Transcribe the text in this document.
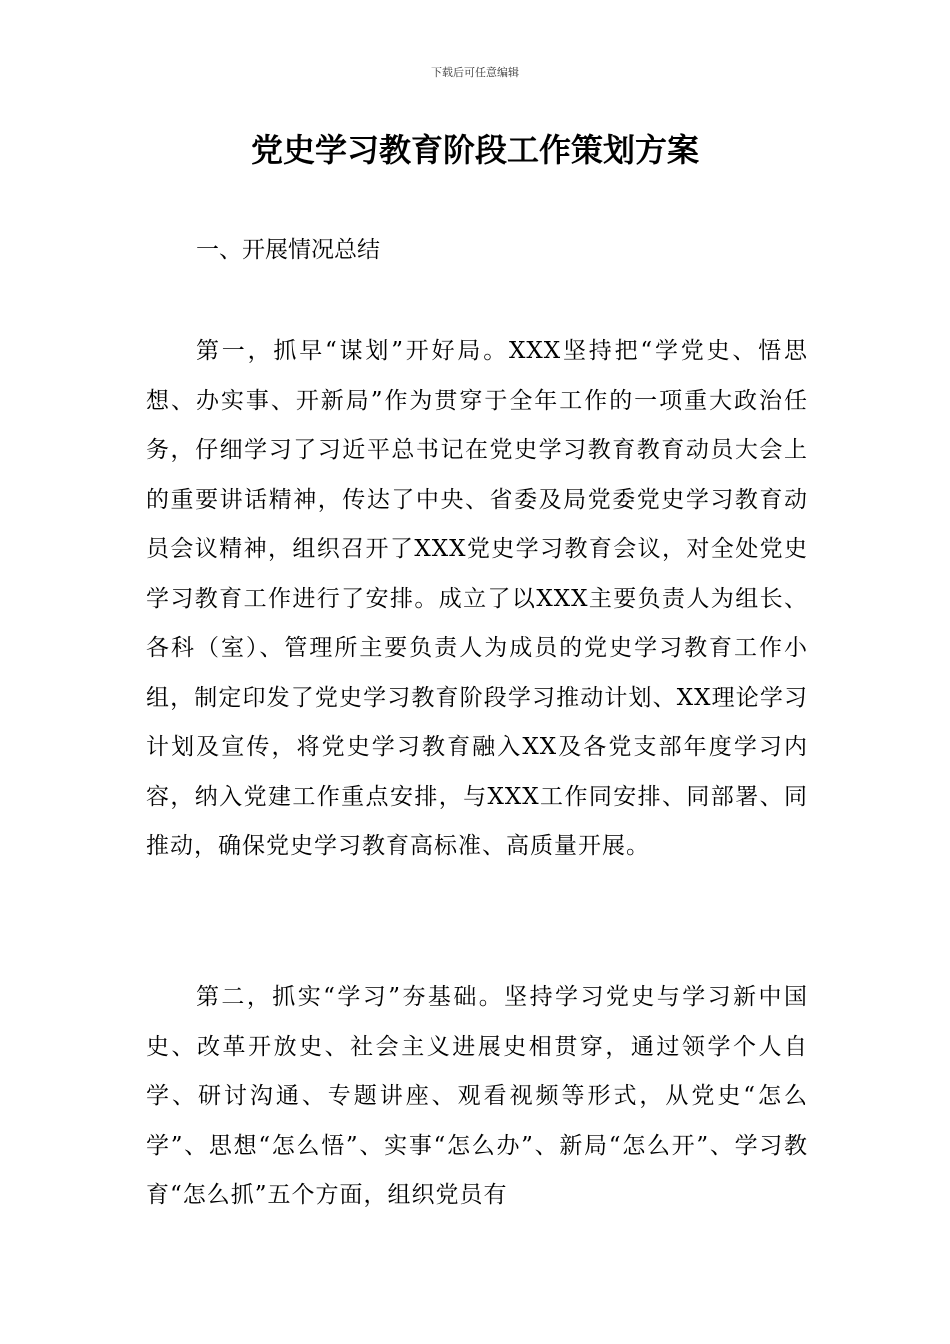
下载后可任意编辑
党史学习教育阶段工作策划方案

一、开展情况总结

第一，抓早“谋划”开好局。XXX坚持把“学党史、悟思想、办实事、开新局”作为贯穿于全年工作的一项重大政治任务，仔细学习了习近平总书记在党史学习教育教育动员大会上的重要讲话精神，传达了中央、省委及局党委党史学习教育动员会议精神，组织召开了XXX党史学习教育会议，对全处党史学习教育工作进行了安排。成立了以XXX主要负责人为组长、各科（室）、管理所主要负责人为成员的党史学习教育工作小组，制定印发了党史学习教育阶段学习推动计划、XX理论学习计划及宣传，将党史学习教育融入XX及各党支部年度学习内容，纳入党建工作重点安排，与XXX工作同安排、同部署、同推动，确保党史学习教育高标准、高质量开展。

第二，抓实“学习”夯基础。坚持学习党史与学习新中国史、改革开放史、社会主义进展史相贯穿，通过领学个人自学、研讨沟通、专题讲座、观看视频等形式，从党史“怎么学”、思想“怎么悟”、实事“怎么办”、新局“怎么开”、学习教育“怎么抓”五个方面，组织党员有
